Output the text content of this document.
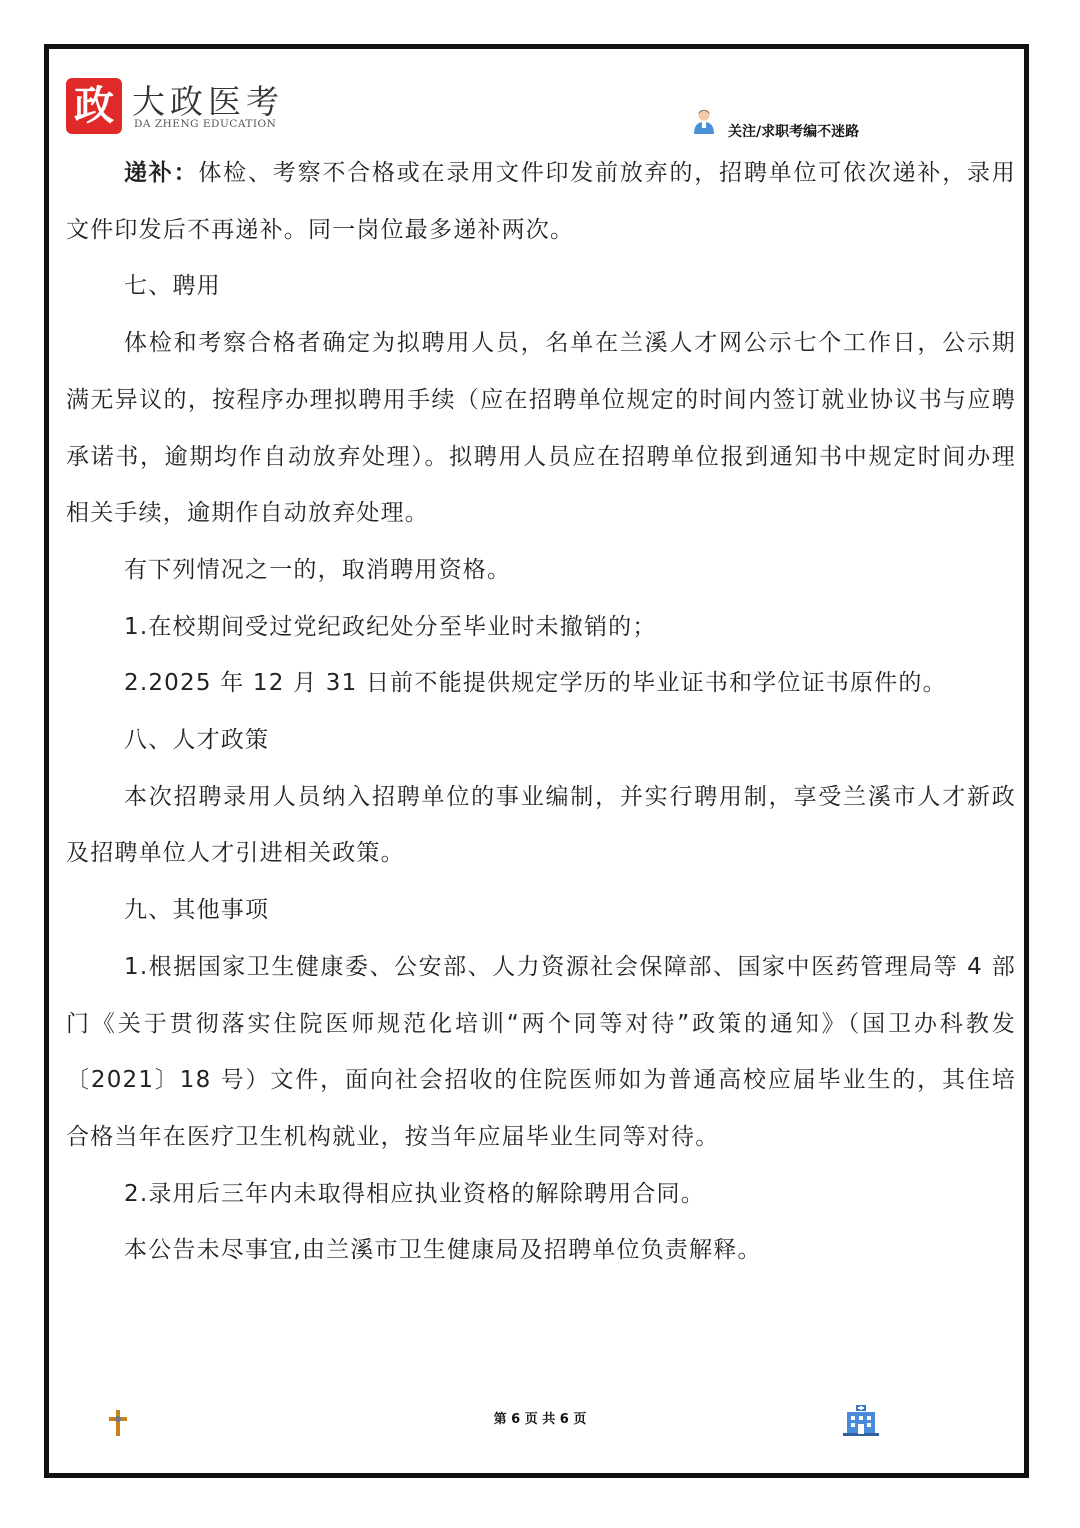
政 大政医考
DA ZHENG EDUCATION	关注/求职考编不迷路

递补：体检、考察不合格或在录用文件印发前放弃的，招聘单位可依次递补，录用文件印发后不再递补。同一岗位最多递补两次。

七、聘用

体检和考察合格者确定为拟聘用人员，名单在兰溪人才网公示七个工作日，公示期满无异议的，按程序办理拟聘用手续（应在招聘单位规定的时间内签订就业协议书与应聘承诺书，逾期均作自动放弃处理）。拟聘用人员应在招聘单位报到通知书中规定时间办理相关手续，逾期作自动放弃处理。

有下列情况之一的，取消聘用资格。

1.在校期间受过党纪政纪处分至毕业时未撤销的；

2.2025 年 12 月 31 日前不能提供规定学历的毕业证书和学位证书原件的。

八、人才政策

本次招聘录用人员纳入招聘单位的事业编制，并实行聘用制，享受兰溪市人才新政及招聘单位人才引进相关政策。

九、其他事项

1.根据国家卫生健康委、公安部、人力资源社会保障部、国家中医药管理局等 4 部门《关于贯彻落实住院医师规范化培训“两个同等对待”政策的通知》（国卫办科教发〔2021〕18 号）文件，面向社会招收的住院医师如为普通高校应届毕业生的，其住培合格当年在医疗卫生机构就业，按当年应届毕业生同等对待。

2.录用后三年内未取得相应执业资格的解除聘用合同。

本公告未尽事宜,由兰溪市卫生健康局及招聘单位负责解释。

第 6 页 共 6 页
